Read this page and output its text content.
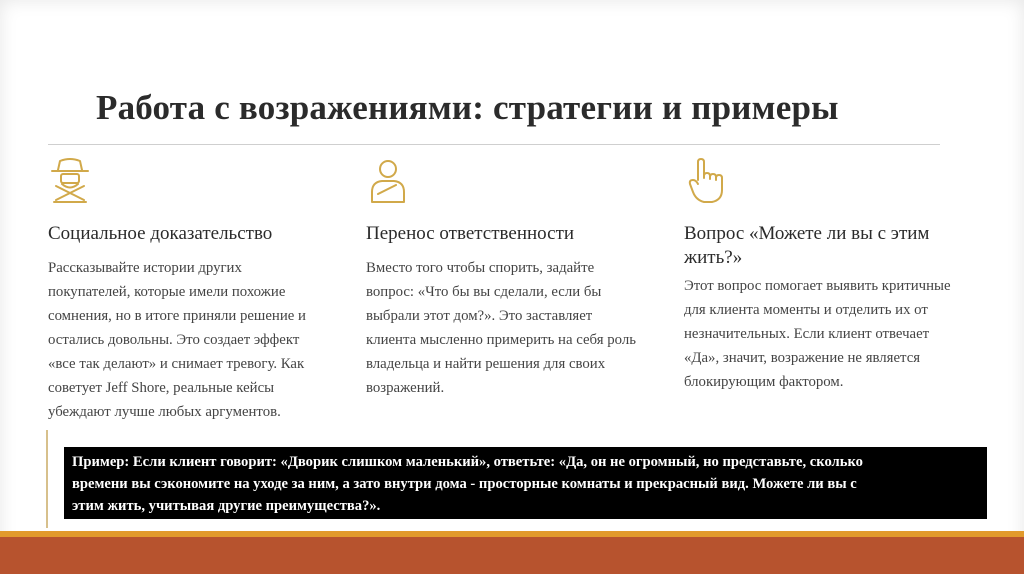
Работа с возражениями: стратегии и примеры
Социальное доказательство
Рассказывайте истории других
покупателей, которые имели похожие
сомнения, но в итоге приняли решение и
остались довольны. Это создает эффект
«все так делают» и снимает тревогу. Как
советует Jeff Shore, реальные кейсы
убеждают лучше любых аргументов.
Перенос ответственности
Вместо того чтобы спорить, задайте
вопрос: «Что бы вы сделали, если бы
выбрали этот дом?». Это заставляет
клиента мысленно примерить на себя роль
владельца и найти решения для своих
возражений.
Вопрос «Можете ли вы с этим
жить?»
Этот вопрос помогает выявить критичные
для клиента моменты и отделить их от
незначительных. Если клиент отвечает
«Да», значит, возражение не является
блокирующим фактором.
Пример: Если клиент говорит: «Дворик слишком маленький», ответьте: «Да, он не огромный, но представьте, сколько
времени вы сэкономите на уходе за ним, а зато внутри дома - просторные комнаты и прекрасный вид. Можете ли вы с
этим жить, учитывая другие преимущества?».
